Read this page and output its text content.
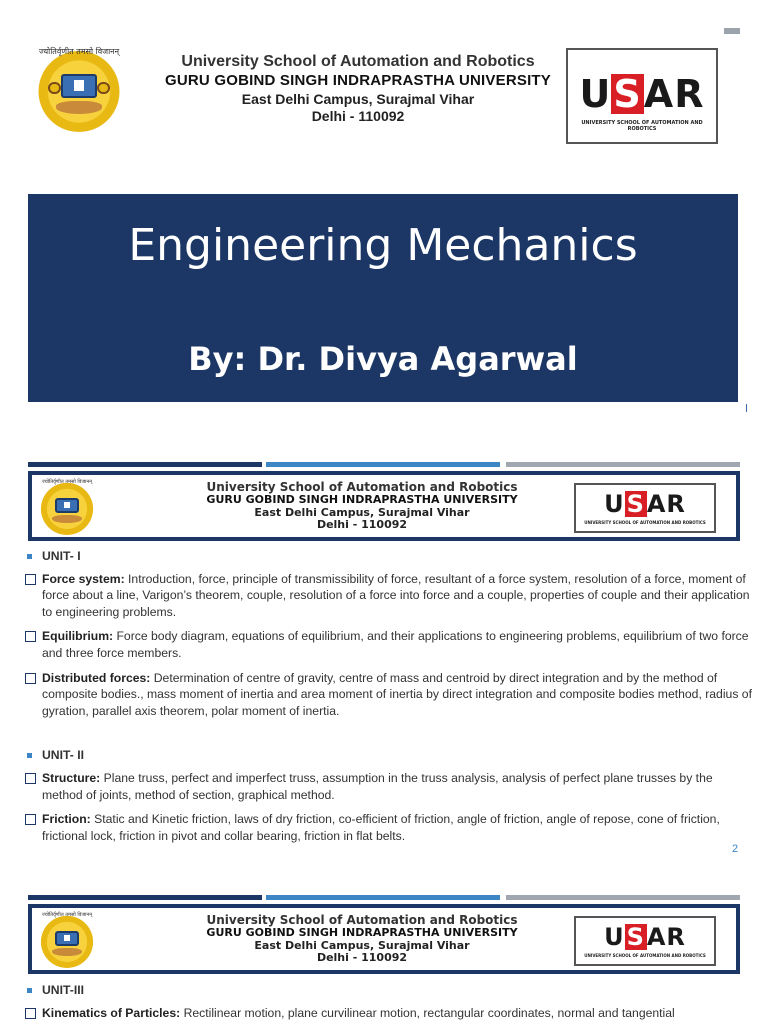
ज्योतिर्वृणीत तमसो विजानन्
University School of Automation and Robotics
GURU GOBIND SINGH INDRAPRASTHA UNIVERSITY
East Delhi Campus, Surajmal Vihar
Delhi - 110092
USAR
UNIVERSITY SCHOOL OF AUTOMATION AND ROBOTICS
Engineering Mechanics
By: Dr. Divya Agarwal
ज्योतिर्वृणीत तमसो विजानन्	University School of Automation and Robotics
GURU GOBIND SINGH INDRAPRASTHA UNIVERSITY
East Delhi Campus, Surajmal Vihar
Delhi - 110092
USAR
UNIVERSITY SCHOOL OF AUTOMATION AND ROBOTICS
UNIT- I
Force system: Introduction, force, principle of transmissibility of force, resultant of a force system, resolution of a force, moment of force about a line, Varigon’s theorem, couple, resolution of a force into force and a couple, properties of couple and their application to engineering problems.
Equilibrium: Force body diagram, equations of equilibrium, and their applications to engineering problems, equilibrium of two force and three force members.
Distributed forces: Determination of centre of gravity, centre of mass and centroid by direct integration and by the method of composite bodies., mass moment of inertia and area moment of inertia by direct integration and composite bodies method, radius of gyration, parallel axis theorem, polar moment of inertia.
UNIT- II
Structure: Plane truss, perfect and imperfect truss, assumption in the truss analysis, analysis of perfect plane trusses by the method of joints, method of section, graphical method.
Friction: Static and Kinetic friction, laws of dry friction, co-efficient of friction, angle of friction, angle of repose, cone of friction, frictional lock, friction in pivot and collar bearing, friction in flat belts.
2
ज्योतिर्वृणीत तमसो विजानन्	University School of Automation and Robotics
GURU GOBIND SINGH INDRAPRASTHA UNIVERSITY
East Delhi Campus, Surajmal Vihar
Delhi - 110092
USAR
UNIVERSITY SCHOOL OF AUTOMATION AND ROBOTICS
UNIT-III
Kinematics of Particles: Rectilinear motion, plane curvilinear motion, rectangular coordinates, normal and tangential
